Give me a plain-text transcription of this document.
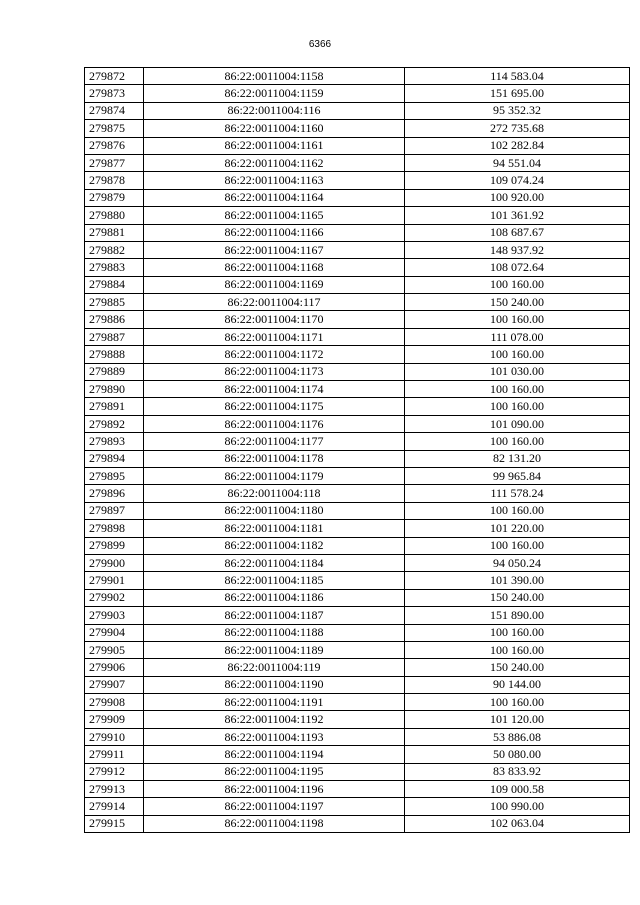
6366
279872	86:22:0011004:1158	114 583.04
279873	86:22:0011004:1159	151 695.00
279874	86:22:0011004:116	95 352.32
279875	86:22:0011004:1160	272 735.68
279876	86:22:0011004:1161	102 282.84
279877	86:22:0011004:1162	94 551.04
279878	86:22:0011004:1163	109 074.24
279879	86:22:0011004:1164	100 920.00
279880	86:22:0011004:1165	101 361.92
279881	86:22:0011004:1166	108 687.67
279882	86:22:0011004:1167	148 937.92
279883	86:22:0011004:1168	108 072.64
279884	86:22:0011004:1169	100 160.00
279885	86:22:0011004:117	150 240.00
279886	86:22:0011004:1170	100 160.00
279887	86:22:0011004:1171	111 078.00
279888	86:22:0011004:1172	100 160.00
279889	86:22:0011004:1173	101 030.00
279890	86:22:0011004:1174	100 160.00
279891	86:22:0011004:1175	100 160.00
279892	86:22:0011004:1176	101 090.00
279893	86:22:0011004:1177	100 160.00
279894	86:22:0011004:1178	82 131.20
279895	86:22:0011004:1179	99 965.84
279896	86:22:0011004:118	111 578.24
279897	86:22:0011004:1180	100 160.00
279898	86:22:0011004:1181	101 220.00
279899	86:22:0011004:1182	100 160.00
279900	86:22:0011004:1184	94 050.24
279901	86:22:0011004:1185	101 390.00
279902	86:22:0011004:1186	150 240.00
279903	86:22:0011004:1187	151 890.00
279904	86:22:0011004:1188	100 160.00
279905	86:22:0011004:1189	100 160.00
279906	86:22:0011004:119	150 240.00
279907	86:22:0011004:1190	90 144.00
279908	86:22:0011004:1191	100 160.00
279909	86:22:0011004:1192	101 120.00
279910	86:22:0011004:1193	53 886.08
279911	86:22:0011004:1194	50 080.00
279912	86:22:0011004:1195	83 833.92
279913	86:22:0011004:1196	109 000.58
279914	86:22:0011004:1197	100 990.00
279915	86:22:0011004:1198	102 063.04
